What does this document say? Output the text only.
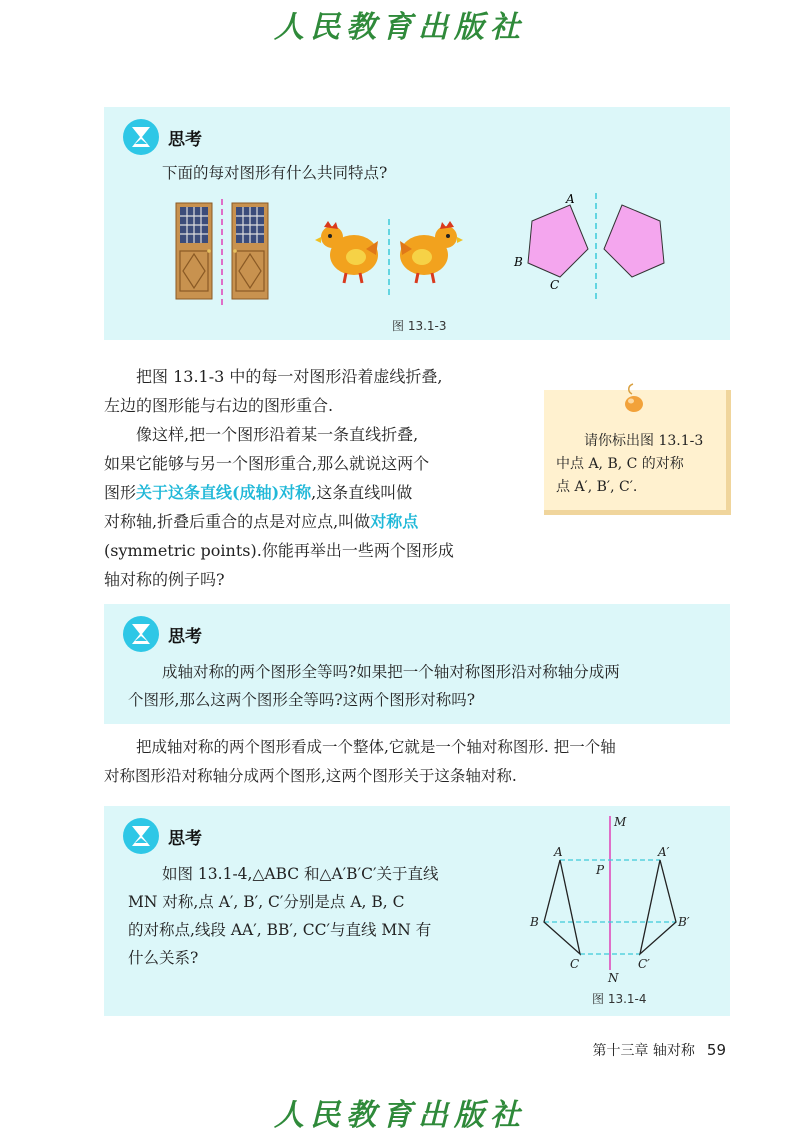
人民教育出版社
思考
下面的每对图形有什么共同特点?
A
B
C
图 13.1-3
把图 13.1-3 中的每一对图形沿着虚线折叠,
左边的图形能与右边的图形重合.
像这样,把一个图形沿着某一条直线折叠,
如果它能够与另一个图形重合,那么就说这两个
图形关于这条直线(成轴)对称,这条直线叫做
对称轴,折叠后重合的点是对应点,叫做对称点
(symmetric points).你能再举出一些两个图形成
轴对称的例子吗?
请你标出图 13.1-3
中点 A, B, C 的对称
点 A′, B′, C′.
思考
成轴对称的两个图形全等吗?如果把一个轴对称图形沿对称轴分成两
个图形,那么这两个图形全等吗?这两个图形对称吗?
把成轴对称的两个图形看成一个整体,它就是一个轴对称图形. 把一个轴
对称图形沿对称轴分成两个图形,这两个图形关于这条轴对称.
思考
如图 13.1-4,△ABC 和△A′B′C′关于直线
MN 对称,点 A′, B′, C′分别是点 A, B, C
的对称点,线段 AA′, BB′, CC′与直线 MN 有
什么关系?
M
N
P
A
B
C
A′
B′
C′
图 13.1-4
第十三章 轴对称 59
人民教育出版社
